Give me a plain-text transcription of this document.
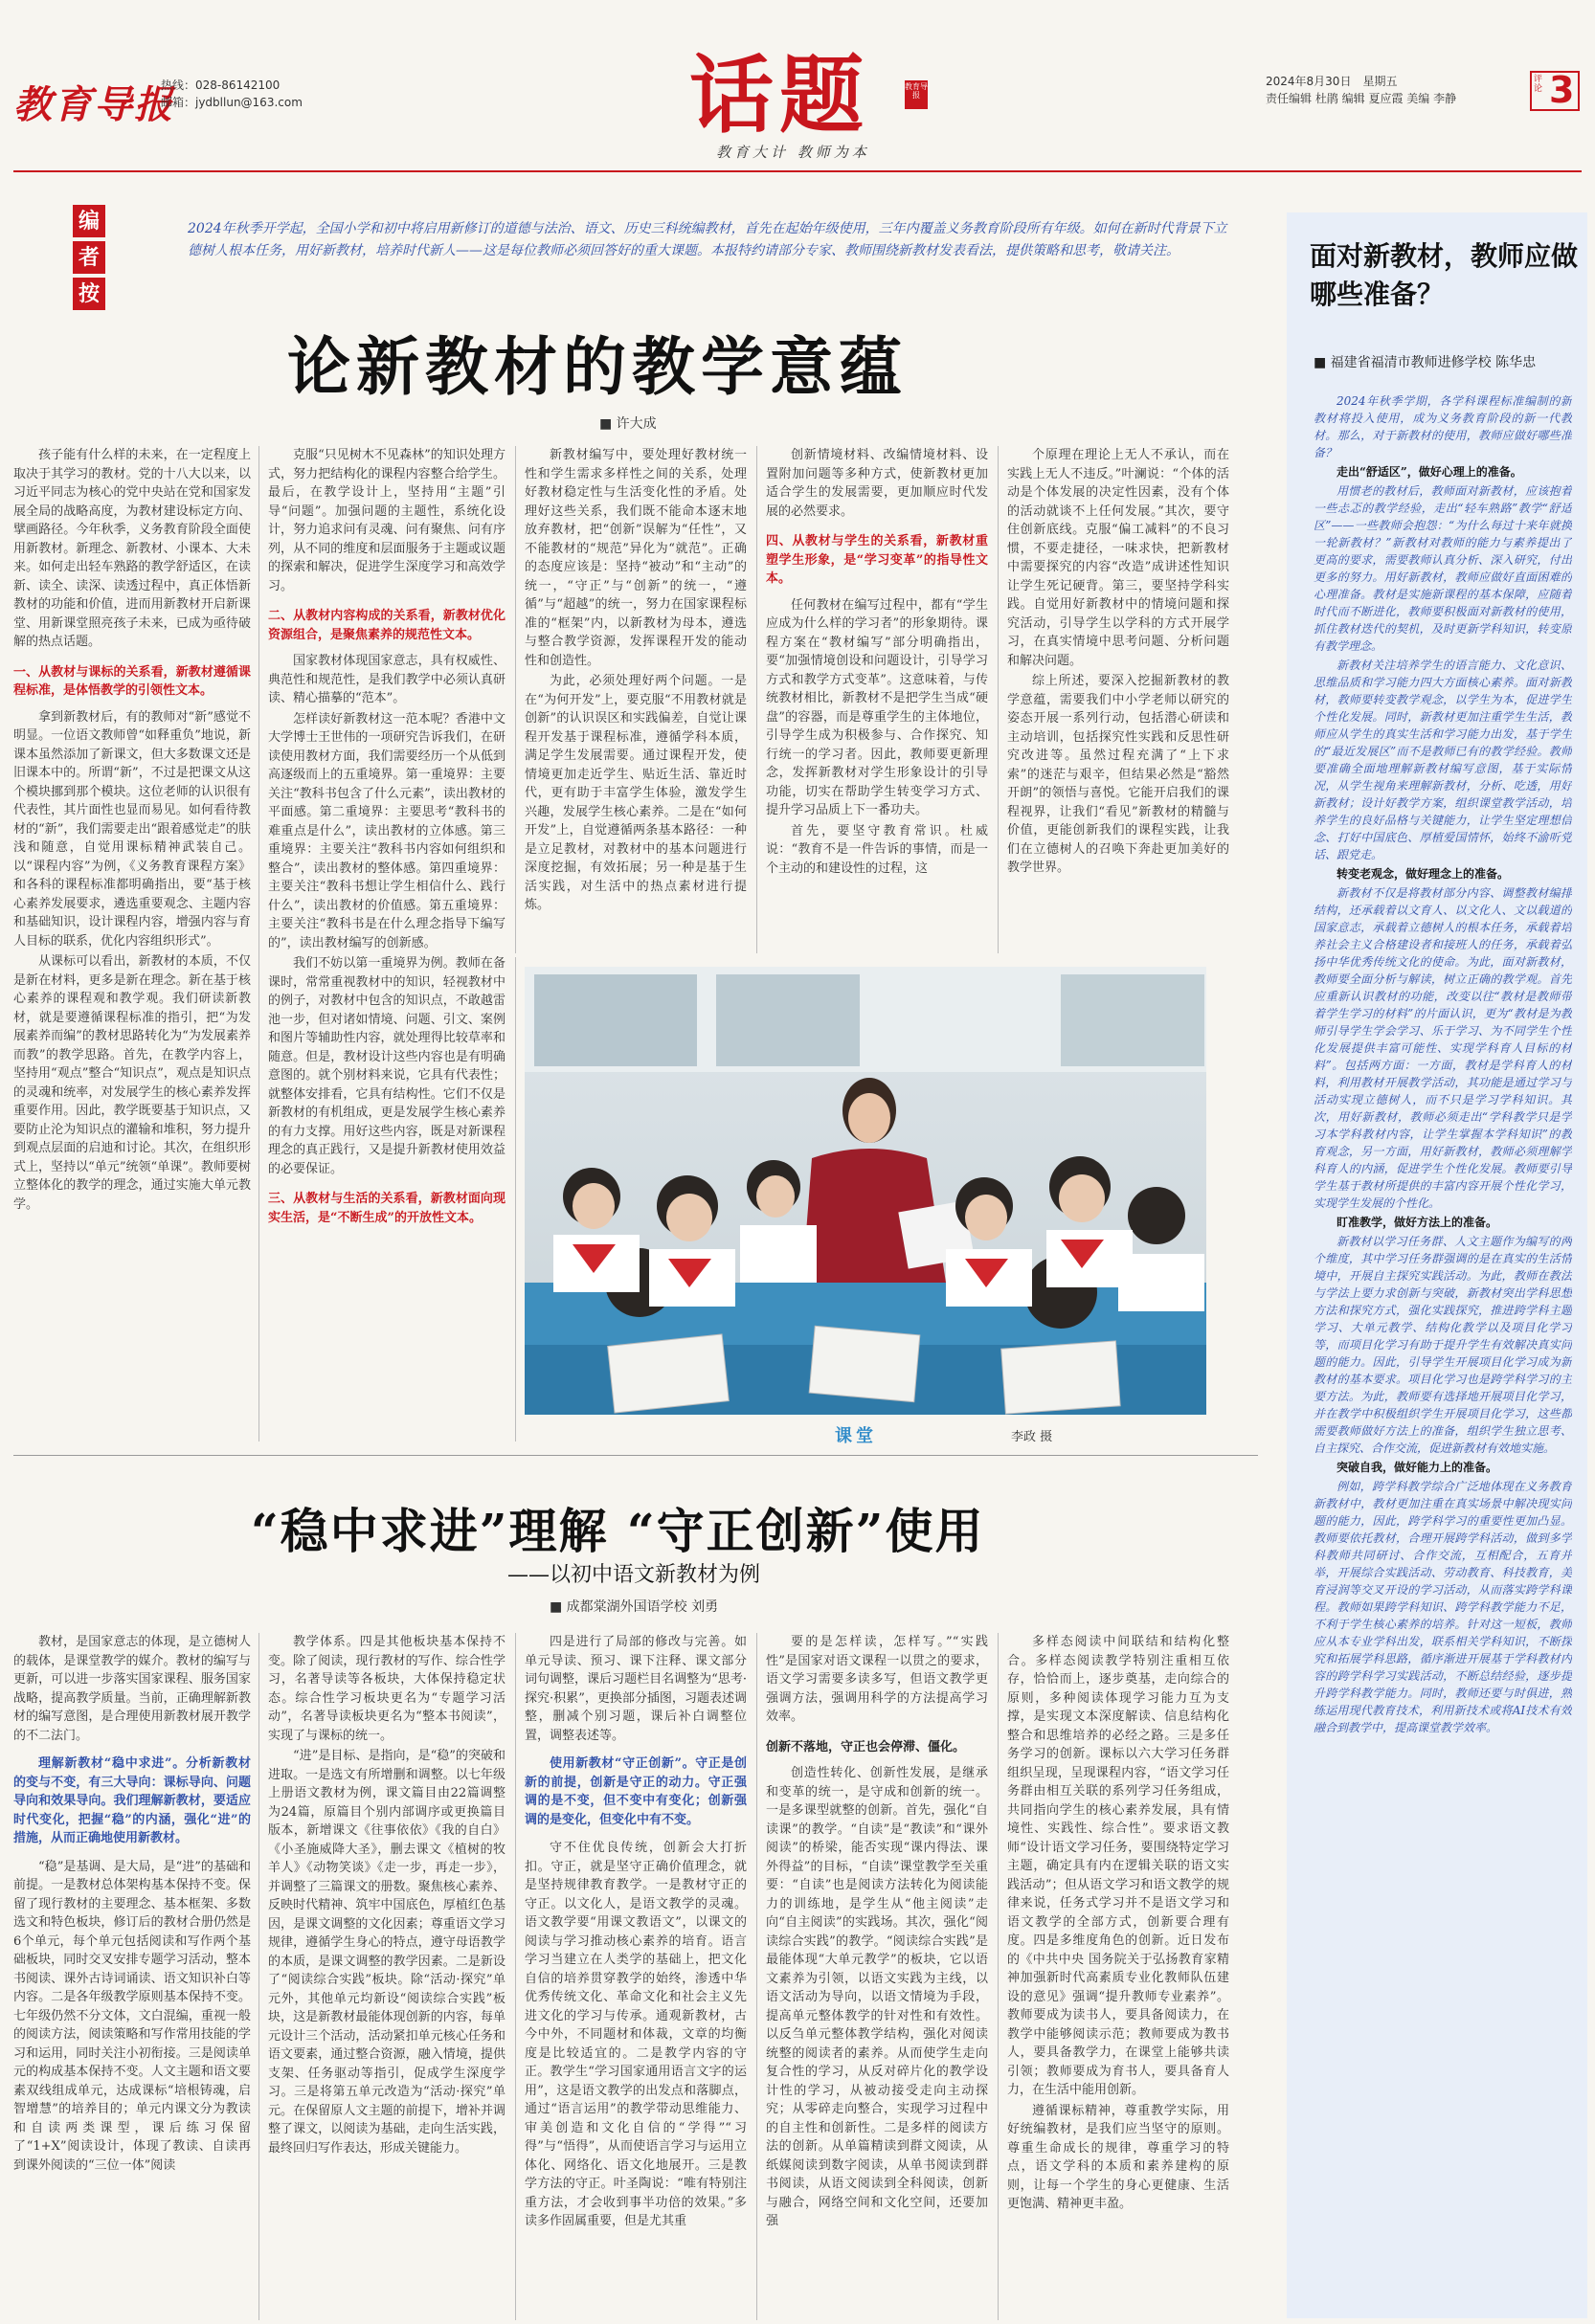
教育导报
热线：028-86142100
邮箱：jydbllun@163.com	话题	教育导报
教育大计 教师为本
2024年8月30日　星期五
责任编辑 杜鹃 编辑 夏应霞 美编 李静
评论 3
编
者
按
2024年秋季开学起，全国小学和初中将启用新修订的道德与法治、语文、历史三科统编教材，首先在起始年级使用，三年内覆盖义务教育阶段所有年级。如何在新时代背景下立德树人根本任务，用好新教材，培养时代新人——这是每位教师必须回答好的重大课题。本报特约请部分专家、教师围绕新教材发表看法，提供策略和思考，敬请关注。
论新教材的教学意蕴
■ 许大成

孩子能有什么样的未来，在一定程度上取决于其学习的教材。党的十八大以来，以习近平同志为核心的党中央站在党和国家发展全局的战略高度，为教材建设标定方向、擘画路径。今年秋季，义务教育阶段全面使用新教材。新理念、新教材、小课本、大未来。如何走出轻车熟路的教学舒适区，在读新、读全、读深、读透过程中，真正体悟新教材的功能和价值，进而用新教材开启新课堂、用新课堂照亮孩子未来，已成为亟待破解的热点话题。

一、从教材与课标的关系看，新教材遵循课程标准，是体悟教学的引领性文本。

拿到新教材后，有的教师对“新”感觉不明显。一位语文教师曾“如释重负”地说，新课本虽然添加了新课文，但大多数课文还是旧课本中的。所谓“新”，不过是把课文从这个模块挪到那个模块。这位老师的认识很有代表性，其片面性也显而易见。如何看待教材的“新”，我们需要走出“跟着感觉走”的肤浅和随意，自觉用课标精神武装自己。以“课程内容”为例，《义务教育课程方案》和各科的课程标准都明确指出，要“基于核心素养发展要求，遴选重要观念、主题内容和基础知识，设计课程内容，增强内容与育人目标的联系，优化内容组织形式”。

从课标可以看出，新教材的本质，不仅是新在材料，更多是新在理念。新在基于核心素养的课程观和教学观。我们研读新教材，就是要遵循课程标准的指引，把“为发展素养而编”的教材思路转化为“为发展素养而教”的教学思路。首先，在教学内容上，坚持用“观点”整合“知识点”，观点是知识点的灵魂和统率，对发展学生的核心素养发挥重要作用。因此，教学既要基于知识点，又要防止沦为知识点的灌输和堆积，努力提升到观点层面的启迪和讨论。其次，在组织形式上，坚持以“单元”统领“单课”。教师要树立整体化的教学的理念，通过实施大单元教学。

克服“只见树木不见森林”的知识处理方式，努力把结构化的课程内容整合给学生。最后，在教学设计上，坚持用“主题”引导“问题”。加强问题的主题性，系统化设计，努力追求问有灵魂、问有聚焦、问有序列，从不同的维度和层面服务于主题或议题的探索和解决，促进学生深度学习和高效学习。

二、从教材内容构成的关系看，新教材优化资源组合，是聚焦素养的规范性文本。

国家教材体现国家意志，具有权威性、典范性和规范性，是我们教学中必须认真研读、精心描摹的“范本”。

怎样读好新教材这一范本呢？香港中文大学博士王世伟的一项研究告诉我们，在研读使用教材方面，我们需要经历一个从低到高逐级而上的五重境界。第一重境界：主要关注“教科书包含了什么元素”，读出教材的平面感。第二重境界：主要思考“教科书的难重点是什么”，读出教材的立体感。第三重境界：主要关注“教科书内容如何组织和整合”，读出教材的整体感。第四重境界：主要关注“教科书想让学生相信什么、践行什么”，读出教材的价值感。第五重境界：主要关注“教科书是在什么理念指导下编写的”，读出教材编写的创新感。

我们不妨以第一重境界为例。教师在备课时，常常重视教材中的知识，轻视教材中的例子，对教材中包含的知识点，不敢越雷池一步，但对诸如情境、问题、引文、案例和图片等辅助性内容，就处理得比较草率和随意。但是，教材设计这些内容也是有明确意图的。就个别材料来说，它具有代表性；就整体安排看，它具有结构性。它们不仅是新教材的有机组成，更是发展学生核心素养的有力支撑。用好这些内容，既是对新课程理念的真正践行，又是提升新教材使用效益的必要保证。

三、从教材与生活的关系看，新教材面向现实生活，是“不断生成”的开放性文本。

新教材编写中，要处理好教材统一性和学生需求多样性之间的关系，处理好教材稳定性与生活变化性的矛盾。处理好这些关系，我们既不能命本逐末地放弃教材，把“创新”误解为“任性”，又不能教材的“规范”异化为“就范”。正确的态度应该是：坚持“被动”和“主动”的统一，“守正”与“创新”的统一，“遵循”与“超越”的统一，努力在国家课程标准的“框架”内，以新教材为母本，遵选与整合教学资源，发挥课程开发的能动性和创造性。

为此，必须处理好两个问题。一是在“为何开发”上，要克服“不用教材就是创新”的认识误区和实践偏差，自觉让课程开发基于课程标准，遵循学科本质，满足学生发展需要。通过课程开发，使情境更加走近学生、贴近生活、靠近时代，更有助于丰富学生体验，激发学生兴趣，发展学生核心素养。二是在“如何开发”上，自觉遵循两条基本路径：一种是立足教材，对教材中的基本问题进行深度挖掘，有效拓展；另一种是基于生活实践，对生活中的热点素材进行提炼。

创新情境材料、改编情境材料、设置附加问题等多种方式，使新教材更加适合学生的发展需要，更加顺应时代发展的必然要求。

四、从教材与学生的关系看，新教材重塑学生形象，是“学习变革”的指导性文本。

任何教材在编写过程中，都有“学生应成为什么样的学习者”的形象期待。课程方案在“教材编写”部分明确指出，要“加强情境创设和问题设计，引导学习方式和教学方式变革”。这意味着，与传统教材相比，新教材不是把学生当成“硬盘”的容器，而是尊重学生的主体地位，引导学生成为积极参与、合作探究、知行统一的学习者。因此，教师要更新理念，发挥新教材对学生形象设计的引导功能，切实在帮助学生转变学习方式、提升学习品质上下一番功夫。

首先，要坚守教育常识。杜威说：“教育不是一件告诉的事情，而是一个主动的和建设性的过程，这

个原理在理论上无人不承认，而在实践上无人不违反。”叶澜说：“个体的活动是个体发展的决定性因素，没有个体的活动就谈不上任何发展。”其次，要守住创新底线。克服“偏工减料”的不良习惯，不要走捷径，一味求快，把新教材中需要探究的内容“改造”成讲述性知识让学生死记硬背。第三，要坚持学科实践。自觉用好新教材中的情境问题和探究活动，引导学生以学科的方式开展学习，在真实情境中思考问题、分析问题和解决问题。

综上所述，要深入挖掘新教材的教学意蕴，需要我们中小学老师以研究的姿态开展一系列行动，包括潜心研读和主动培训，包括探究性实践和反思性研究改进等。虽然过程充满了“上下求索”的迷茫与艰辛，但结果必然是“豁然开朗”的领悟与喜悦。它能开启我们的课程视界，让我们“看见”新教材的精髓与价值，更能创新我们的课程实践，让我们在立德树人的召唤下奔赴更加美好的教学世界。

课堂	李政 摄
“稳中求进”理解 “守正创新”使用
——以初中语文新教材为例
■ 成都棠湖外国语学校 刘勇

教材，是国家意志的体现，是立德树人的载体，是课堂教学的媒介。教材的编写与更新，可以进一步落实国家课程、服务国家战略，提高教学质量。当前，正确理解新教材的编写意图，是合理使用新教材展开教学的不二法门。

理解新教材“稳中求进”。分析新教材的变与不变，有三大导向：课标导向、问题导向和效果导向。我们理解新教材，要适应时代变化，把握“稳”的内涵，强化“进”的措施，从而正确地使用新教材。

“稳”是基调、是大局，是“进”的基础和前提。一是教材总体架构基本保持不变。保留了现行教材的主要理念、基本框架、多数选文和特色板块，修订后的教材合册仍然是6个单元，每个单元包括阅读和写作两个基础板块，同时交叉安排专题学习活动，整本书阅读、课外古诗词诵读、语文知识补白等内容。二是各年级教学原则基本保持不变。七年级仍然不分文体，文白混编，重视一般的阅读方法，阅读策略和写作常用技能的学习和运用，同时关注小初衔接。三是阅读单元的构成基本保持不变。人文主题和语文要素双线组成单元，达成课标“培根铸魂，启智增慧”的培养目的；单元内课文分为教读和自读两类课型，课后练习保留了“1+X”阅读设计，体现了教读、自读再到课外阅读的“三位一体”阅读

教学体系。四是其他板块基本保持不变。除了阅读，现行教材的写作、综合性学习，名著导读等各板块，大体保持稳定状态。综合性学习板块更名为“专题学习活动”，名著导读板块更名为“整本书阅读”，实现了与课标的统一。

“进”是目标、是指向，是“稳”的突破和进取。一是选文有所增删和调整。以七年级上册语文教材为例，课文篇目由22篇调整为24篇，原篇目个别内部调序或更换篇目版本，新增课文《往事依依》《我的自白》《小圣施威降大圣》，删去课文《植树的牧羊人》《动物笑谈》《走一步，再走一步》，并调整了三篇课文的册数。聚焦核心素养、反映时代精神、筑牢中国底色，厚植红色基因，是课文调整的文化因素；尊重语文学习规律，遵循学生身心的特点，遵守母语教学的本质，是课文调整的教学因素。二是新设了“阅读综合实践”板块。除“活动·探究”单元外，其他单元均新设“阅读综合实践”板块，这是新教材最能体现创新的内容，每单元设计三个活动，活动紧扣单元核心任务和语文要素，通过整合资源，融入情境，提供支架、任务驱动等指引，促成学生深度学习。三是将第五单元改造为“活动·探究”单元。在保留原人文主题的前提下，增补并调整了课文，以阅读为基础，走向生活实践，最终回归写作表达，形成关键能力。

四是进行了局部的修改与完善。如单元导读、预习、课下注释、课文部分词句调整，课后习题栏目名调整为“思考·探究·积累”，更换部分插图，习题表述调整，删减个别习题，课后补白调整位置，调整表述等。

使用新教材“守正创新”。守正是创新的前提，创新是守正的动力。守正强调的是不变，但不变中有变化；创新强调的是变化，但变化中有不变。

守不住优良传统，创新会大打折扣。守正，就是坚守正确价值理念，就是坚持规律教育教学。一是教材守正的守正。以文化人，是语文教学的灵魂。语文教学要“用课文教语文”，以课文的阅读与学习推动核心素养的培育。语言学习当建立在人类学的基础上，把文化自信的培养贯穿教学的始终，渗透中华优秀传统文化、革命文化和社会主义先进文化的学习与传承。通观新教材，古今中外，不同题材和体裁，文章的均衡度是比较适宜的。二是教学内容的守正。教学生“学习国家通用语言文字的运用”，这是语文教学的出发点和落脚点，通过“语言运用”的教学带动思维能力、审美创造和文化自信的“学得”“习得”与“悟得”，从而使语言学习与运用立体化、网络化、语文化地展开。三是教学方法的守正。叶圣陶说：“唯有特别注重方法，才会收到事半功倍的效果。”多读多作固属重要，但是尤其重

要的是怎样读，怎样写。”“实践性”是国家对语文课程一以贯之的要求，语文学习需要多读多写，但语文教学更强调方法，强调用科学的方法提高学习效率。

创新不落地，守正也会停滞、僵化。

创造性转化、创新性发展，是继承和变革的统一，是守成和创新的统一。一是多课型就整的创新。首先，强化“自读课”的教学。“自读”是“教读”和“课外阅读”的桥梁，能否实现“课内得法、课外得益”的目标，“自读”课堂教学至关重要：“自读”也是阅读方法转化为阅读能力的训练地，是学生从“他主阅读”走向“自主阅读”的实践场。其次，强化“阅读综合实践”的教学。“阅读综合实践”是最能体现“大单元教学”的板块，它以语文素养为引领，以语文实践为主线，以语文活动为导向，以语文情境为手段，提高单元整体教学的针对性和有效性。以反刍单元整体教学结构，强化对阅读统整的阅读者的素养。从而使学生走向复合性的学习，从反对碎片化的教学设计性的学习，从被动接受走向主动探究；从零碎走向整合，实现学习过程中的自主性和创新性。二是多样的阅读方法的创新。从单篇精读到群文阅读，从纸媒阅读到数字阅读，从单书阅读到群书阅读，从语文阅读到全科阅读，创新与融合，网络空间和文化空间，还要加强

多样态阅读中间联结和结构化整合。多样态阅读教学特别注重相互依存，恰恰而上，逐步奠基，走向综合的原则，多种阅读体现学习能力互为支撑，是实现文本深度解读、信息结构化整合和思维培养的必经之路。三是多任务学习的创新。课标以六大学习任务群组织呈现，呈现课程内容，“语文学习任务群由相互关联的系列学习任务组成，共同指向学生的核心素养发展，具有情境性、实践性、综合性”。要求语文教师“设计语文学习任务，要围绕特定学习主题，确定具有内在逻辑关联的语文实践活动”；但从语文学习和语文教学的规律来说，任务式学习并不是语文学习和语文教学的全部方式，创新要合理有度。四是多维度角色的创新。近日发布的《中共中央 国务院关于弘扬教育家精神加强新时代高素质专业化教师队伍建设的意见》强调“提升教师专业素养”。教师要成为读书人，要具备阅读力，在教学中能够阅读示范；教师要成为教书人，要具备教学力，在课堂上能够共读引领；教师要成为育书人，要具备育人力，在生活中能用创新。

遵循课标精神，尊重教学实际，用好统编教材，是我们应当坚守的原则。尊重生命成长的规律，尊重学习的特点，语文学科的本质和素养建构的原则，让每一个学生的身心更健康、生活更饱满、精神更丰盈。

面对新教材，教师应做哪些准备？
■ 福建省福清市教师进修学校 陈华忠

2024年秋季学期，各学科课程标准编制的新教材将投入使用，成为义务教育阶段的新一代教材。那么，对于新教材的使用，教师应做好哪些准备？

走出“舒适区”，做好心理上的准备。

用惯老的教材后，教师面对新教材，应该抱着一些忐忑的教学经验，走出“轻车熟路”教学“舒适区”——一些教师会抱怨：“为什么每过十来年就换一轮新教材？”新教材对教师的能力与素养提出了更高的要求，需要教师认真分析、深入研究，付出更多的努力。用好新教材，教师应做好直面困难的心理准备。教材是实施新课程的基本保障，应随着时代而不断进化，教师要积极面对新教材的使用，抓住教材迭代的契机，及时更新学科知识，转变原有教学理念。

新教材关注培养学生的语言能力、文化意识、思维品质和学习能力四大方面核心素养。面对新教材，教师要转变教学观念，以学生为本，促进学生个性化发展。同时，新教材更加注重学生生活，教师应从学生的真实生活和学习能力出发，基于学生的“最近发展区”而不是教师已有的教学经验。教师要准确全面地理解新教材编写意图，基于实际情况，从学生视角来理解新教材，分析、吃透，用好新教材；设计好教学方案，组织课堂教学活动，培养学生的良好品格与关键能力，让学生坚定理想信念、打好中国底色、厚植爱国情怀，始终不渝听党话、跟党走。

转变老观念，做好理念上的准备。

新教材不仅是将教材部分内容、调整教材编排结构，还承载着以文育人、以文化人、文以载道的国家意志，承载着立德树人的根本任务，承载着培养社会主义合格建设者和接班人的任务，承载着弘扬中华优秀传统文化的使命。为此，面对新教材，教师要全面分析与解读，树立正确的教学观。首先应重新认识教材的功能，改变以往“教材是教师带着学生学习的材料”的片面认识，更为“教材是为教师引导学生学会学习、乐于学习、为不同学生个性化发展提供丰富可能性、实现学科育人目标的材料”。包括两方面：一方面，教材是学科育人的材料，利用教材开展教学活动，其功能是通过学习与活动实现立德树人，而不只是学习学科知识。其次，用好新教材，教师必须走出“学科教学只是学习本学科教材内容，让学生掌握本学科知识”的教育观念，另一方面，用好新教材，教师必须理解学科育人的内涵，促进学生个性化发展。教师要引导学生基于教材所提供的丰富内容开展个性化学习，实现学生发展的个性化。

盯准教学，做好方法上的准备。

新教材以学习任务群、人文主题作为编写的两个维度，其中学习任务群强调的是在真实的生活情境中，开展自主探究实践活动。为此，教师在教法与学法上要力求创新与突破，新教材突出学科思想方法和探究方式，强化实践探究，推进跨学科主题学习、大单元教学、结构化教学以及项目化学习等，而项目化学习有助于提升学生有效解决真实问题的能力。因此，引导学生开展项目化学习成为新教材的基本要求。项目化学习也是跨学科学习的主要方法。为此，教师要有选择地开展项目化学习，并在教学中积极组织学生开展项目化学习，这些都需要教师做好方法上的准备，组织学生独立思考、自主探究、合作交流，促进新教材有效地实施。

突破自我，做好能力上的准备。

例如，跨学科教学综合广泛地体现在义务教育新教材中，教材更加注重在真实场景中解决现实问题的能力，因此，跨学科学习的重要性更加凸显。教师要依托教材，合理开展跨学科活动，做到多学科教师共同研讨、合作交流，互相配合，五育并举，开展综合实践活动、劳动教育、科技教育，美育浸润等交叉开设的学习活动，从而落实跨学科课程。教师如果跨学科知识、跨学科教学能力不足，不利于学生核心素养的培养。针对这一短板，教师应从本专业学科出发，联系相关学科知识，不断探究和拓展学科思路，循序渐进开展基于学科教材内容的跨学科学习实践活动，不断总结经验，逐步提升跨学科教学能力。同时，教师还要与时俱进，熟练运用现代教育技术，利用新技术或将AI技术有效融合到教学中，提高课堂教学效率。
